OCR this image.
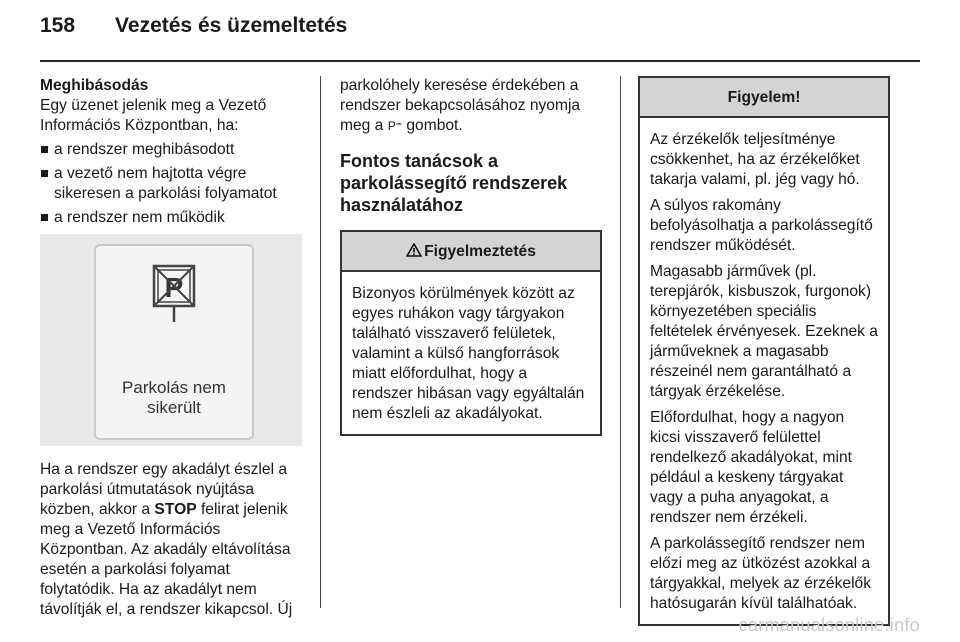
158 Vezetés és üzemeltetés
Meghibásodás
Egy üzenet jelenik meg a Vezető Információs Központban, ha:
a rendszer meghibásodott
a vezető nem hajtotta végre sikeresen a parkolási folyamatot
a rendszer nem működik
P
Parkolás nem
sikerült
Ha a rendszer egy akadályt észlel a parkolási útmutatások nyújtása közben, akkor a STOP felirat jelenik meg a Vezető Információs Központban. Az akadály eltávolítása esetén a parkolási folyamat folytatódik. Ha az akadályt nem távolítják el, a rendszer kikapcsol. Új
parkolóhely keresése érdekében a rendszer bekapcsolásához nyomja meg a P⁼ gombot.
Fontos tanácsok a parkolássegítő rendszerek használatához
Figyelmeztetés

Bizonyos körülmények között az egyes ruhákon vagy tárgyakon található visszaverő felületek, valamint a külső hangforrások miatt előfordulhat, hogy a rendszer hibásan vagy egyáltalán nem észleli az akadályokat.

Figyelem!

Az érzékelők teljesítménye csökkenhet, ha az érzékelőket takarja valami, pl. jég vagy hó.

A súlyos rakomány befolyásolhatja a parkolássegítő rendszer működését.

Magasabb járművek (pl. terepjárók, kisbuszok, furgonok) környezetében speciális feltételek érvényesek. Ezeknek a járműveknek a magasabb részeinél nem garantálható a tárgyak érzékelése.

Előfordulhat, hogy a nagyon kicsi visszaverő felülettel rendelkező akadályokat, mint például a keskeny tárgyakat vagy a puha anyagokat, a rendszer nem érzékeli.

A parkolássegítő rendszer nem előzi meg az ütközést azokkal a tárgyakkal, melyek az érzékelők hatósugarán kívül találhatóak.

carmanualsonline.info
